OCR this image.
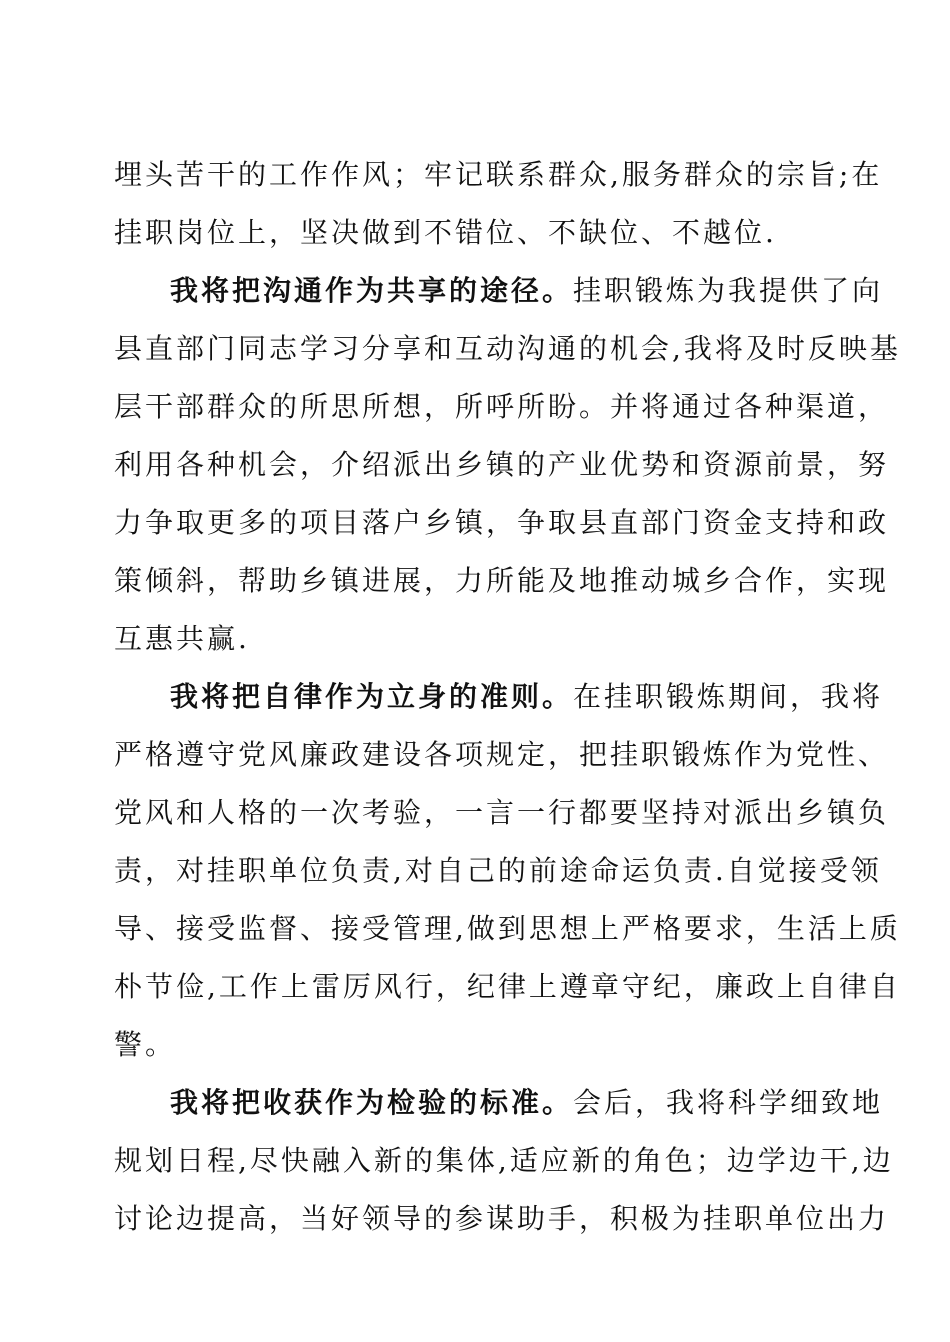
埋头苦干的工作作风；牢记联系群众,服务群众的宗旨;在
挂职岗位上，坚决做到不错位、不缺位、不越位.
我将把沟通作为共享的途径。挂职锻炼为我提供了向
县直部门同志学习分享和互动沟通的机会,我将及时反映基
层干部群众的所思所想，所呼所盼。并将通过各种渠道，
利用各种机会，介绍派出乡镇的产业优势和资源前景，努
力争取更多的项目落户乡镇，争取县直部门资金支持和政
策倾斜，帮助乡镇进展，力所能及地推动城乡合作，实现
互惠共赢.
我将把自律作为立身的准则。在挂职锻炼期间，我将
严格遵守党风廉政建设各项规定，把挂职锻炼作为党性、
党风和人格的一次考验，一言一行都要坚持对派出乡镇负
责，对挂职单位负责,对自己的前途命运负责.自觉接受领
导、接受监督、接受管理,做到思想上严格要求，生活上质
朴节俭,工作上雷厉风行，纪律上遵章守纪，廉政上自律自
警。
我将把收获作为检验的标准。会后，我将科学细致地
规划日程,尽快融入新的集体,适应新的角色；边学边干,边
讨论边提高，当好领导的参谋助手，积极为挂职单位出力
